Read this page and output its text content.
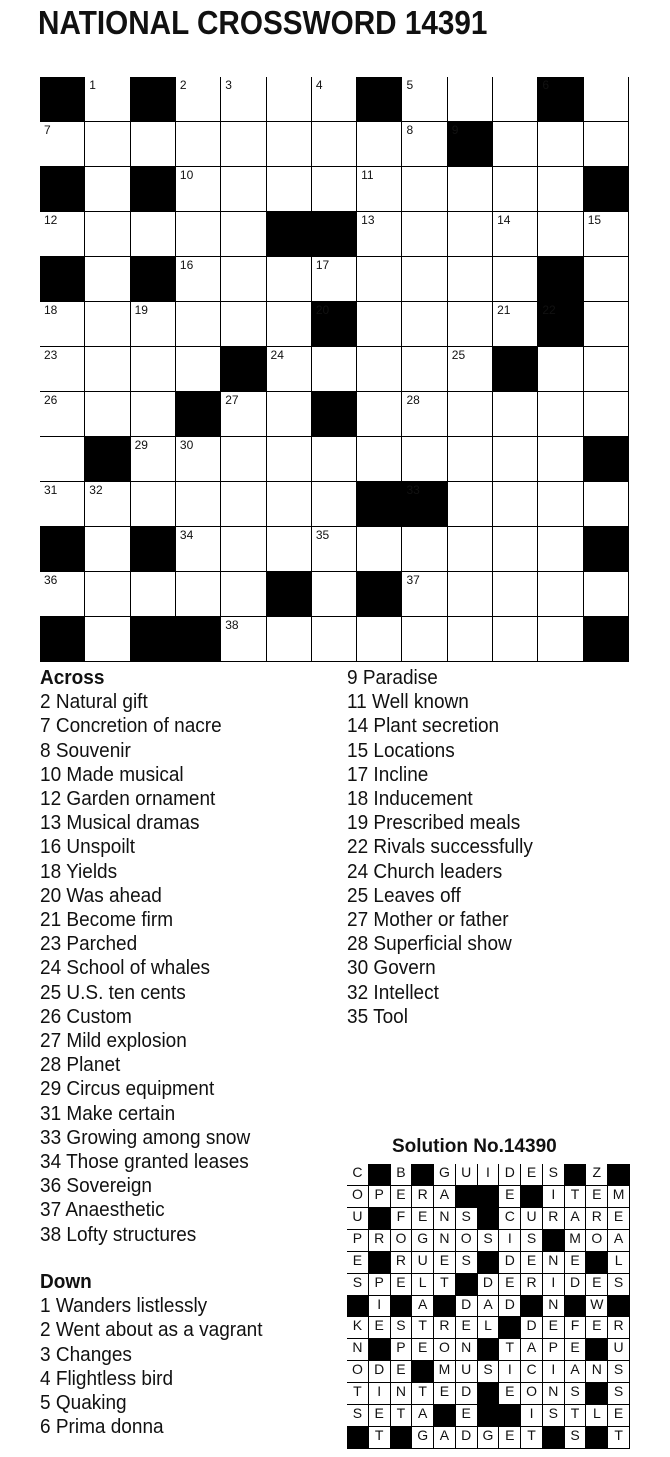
NATIONAL CROSSWORD 14391
1	2	3	4	5	6
7	8	9
10	11
12	13	14	15
16	17
18	19	20	21	22
23	24	25
26	27	28
29	30
31	32	33
34	35
36	37
38
Across
2 Natural gift
7 Concretion of nacre
8 Souvenir
10 Made musical
12 Garden ornament
13 Musical dramas
16 Unspoilt
18 Yields
20 Was ahead
21 Become firm
23 Parched
24 School of whales
25 U.S. ten cents
26 Custom
27 Mild explosion
28 Planet
29 Circus equipment
31 Make certain
33 Growing among snow
34 Those granted leases
36 Sovereign
37 Anaesthetic
38 Lofty structures
Down
1 Wanders listlessly
2 Went about as a vagrant
3 Changes
4 Flightless bird
5 Quaking
6 Prima donna
9 Paradise
11 Well known
14 Plant secretion
15 Locations
17 Incline
18 Inducement
19 Prescribed meals
22 Rivals successfully
24 Church leaders
25 Leaves off
27 Mother or father
28 Superficial show
30 Govern
32 Intellect
35 Tool
Solution No.14390
C	B	G U	I	D E S	Z
O P E R A	E	I	T E M
U	F E N S	C U R A R E
P R O G N O S	I	S	M O A
E	R U E S	D E N E	L
S P E L T	D E R	I	D E S
I	A	D A D	N	W
K E S T R E L	D E F E R
N	P E O N	T A P E	U
O D E	M U S	I	C	I	A N S
T	I	N T E D	E O N S	S
S E T A	E	I	S T L E
T	G A D G E T	S	T
